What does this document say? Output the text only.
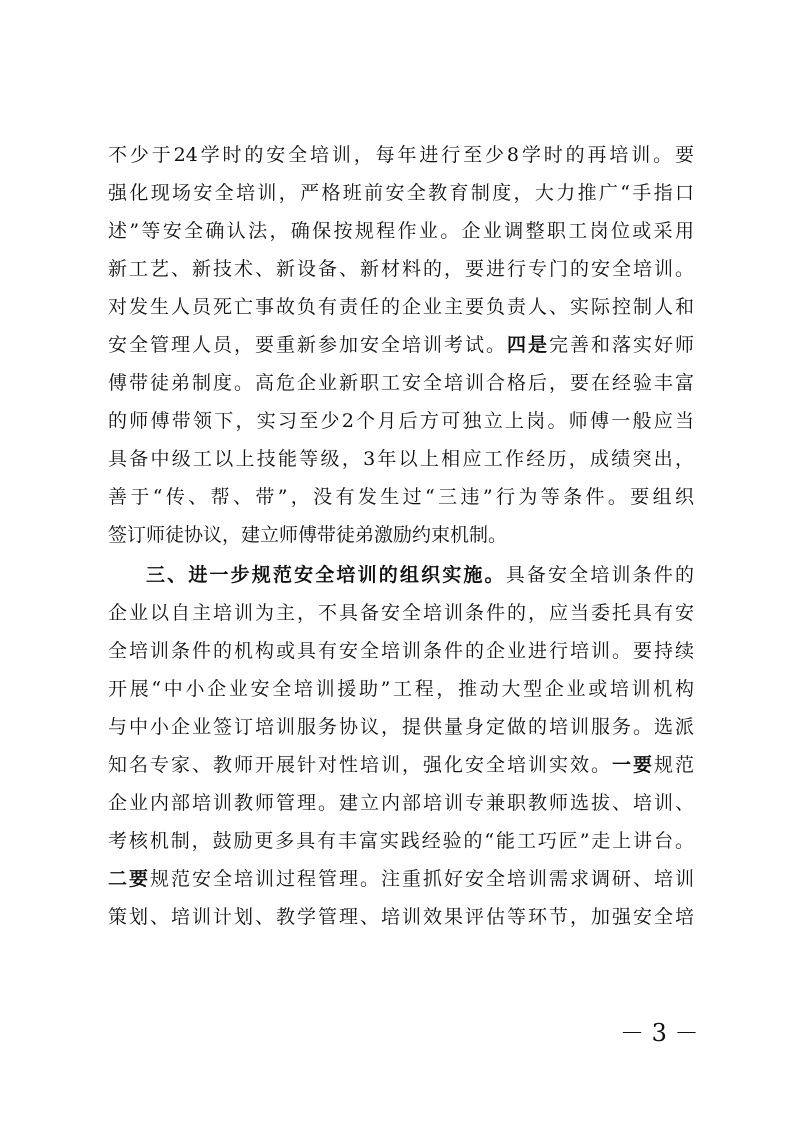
不少于24学时的安全培训，每年进行至少8学时的再培训。要
强化现场安全培训，严格班前安全教育制度，大力推广“手指口
述”等安全确认法，确保按规程作业。企业调整职工岗位或采用
新工艺、新技术、新设备、新材料的，要进行专门的安全培训。
对发生人员死亡事故负有责任的企业主要负责人、实际控制人和
安全管理人员，要重新参加安全培训考试。四是完善和落实好师
傅带徒弟制度。高危企业新职工安全培训合格后，要在经验丰富
的师傅带领下，实习至少2个月后方可独立上岗。师傅一般应当
具备中级工以上技能等级，3年以上相应工作经历，成绩突出，
善于“传、帮、带”，没有发生过“三违”行为等条件。要组织
签订师徒协议，建立师傅带徒弟激励约束机制。
三、进一步规范安全培训的组织实施。具备安全培训条件的
企业以自主培训为主，不具备安全培训条件的，应当委托具有安
全培训条件的机构或具有安全培训条件的企业进行培训。要持续
开展“中小企业安全培训援助”工程，推动大型企业或培训机构
与中小企业签订培训服务协议，提供量身定做的培训服务。选派
知名专家、教师开展针对性培训，强化安全培训实效。一要规范
企业内部培训教师管理。建立内部培训专兼职教师选拔、培训、
考核机制，鼓励更多具有丰富实践经验的“能工巧匠”走上讲台。
二要规范安全培训过程管理。注重抓好安全培训需求调研、培训
策划、培训计划、教学管理、培训效果评估等环节，加强安全培
－ 3 －
